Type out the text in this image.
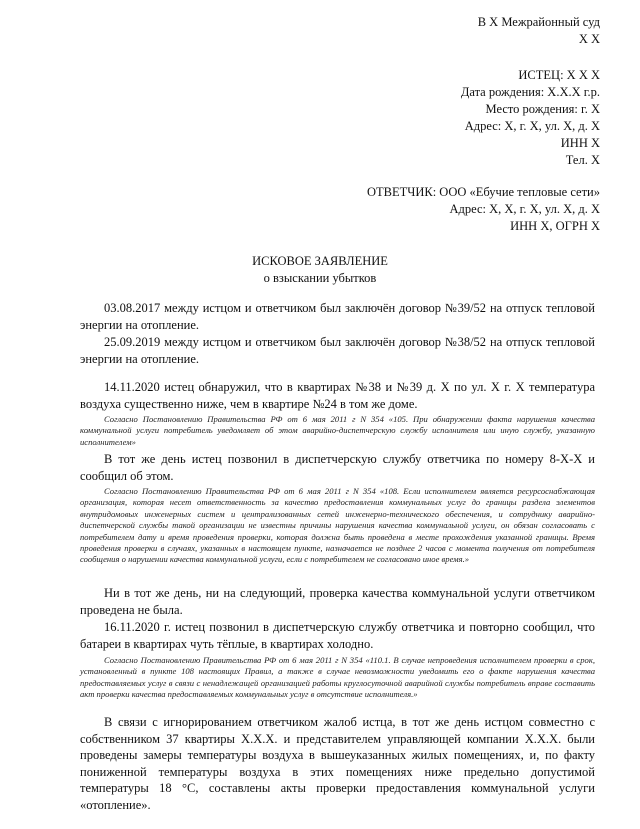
В Х Межрайонный суд
Х Х
ИСТЕЦ: Х Х Х
Дата рождения: Х.Х.Х г.р.
Место рождения: г. Х
Адрес: Х, г. Х, ул. Х, д. Х
ИНН Х
Тел. Х
ОТВЕТЧИК: ООО «Ебучие тепловые сети»
Адрес: Х, Х, г. Х, ул. Х, д. Х
ИНН Х, ОГРН Х
ИСКОВОЕ ЗАЯВЛЕНИЕ
о взыскании убытков
03.08.2017 между истцом и ответчиком был заключён договор №39/52 на отпуск тепловой энергии на отопление.
25.09.2019 между истцом и ответчиком был заключён договор №38/52 на отпуск тепловой энергии на отопление.
14.11.2020 истец обнаружил, что в квартирах №38 и №39 д. Х по ул. Х г. Х температура воздуха существенно ниже, чем в квартире №24 в том же доме.
Согласно Постановлению Правительства РФ от 6 мая 2011 г N 354 «105. При обнаружении факта нарушения качества коммунальной услуги потребитель уведомляет об этом аварийно-диспетчерскую службу исполнителя или иную службу, указанную исполнителем»
В тот же день истец позвонил в диспетчерскую службу ответчика по номеру 8-Х-Х и сообщил об этом.
Согласно Постановлению Правительства РФ от 6 мая 2011 г N 354 «108. Если исполнителем является ресурсоснабжающая организация, которая несет ответственность за качество предоставления коммунальных услуг до границы раздела элементов внутридомовых инженерных систем и централизованных сетей инженерно-технического обеспечения, и сотруднику аварийно-диспетчерской службы такой организации не известны причины нарушения качества коммунальной услуги, он обязан согласовать с потребителем дату и время проведения проверки, которая должна быть проведена в месте прохождения указанной границы. Время проведения проверки в случаях, указанных в настоящем пункте, назначается не позднее 2 часов с момента получения от потребителя сообщения о нарушении качества коммунальной услуги, если с потребителем не согласовано иное время.»
Ни в тот же день, ни на следующий, проверка качества коммунальной услуги ответчиком проведена не была.
16.11.2020 г. истец позвонил в диспетчерскую службу ответчика и повторно сообщил, что батареи в квартирах чуть тёплые, в квартирах холодно.
Согласно Постановлению Правительства РФ от 6 мая 2011 г N 354 «110.1. В случае непроведения исполнителем проверки в срок, установленный в пункте 108 настоящих Правил, а также в случае невозможности уведомить его о факте нарушения качества предоставляемых услуг в связи с ненадлежащей организацией работы круглосуточной аварийной службы потребитель вправе составить акт проверки качества предоставляемых коммунальных услуг в отсутствие исполнителя.»
В связи с игнорированием ответчиком жалоб истца, в тот же день истцом совместно с собственником 37 квартиры Х.Х.Х. и представителем управляющей компании Х.Х.Х. были проведены замеры температуры воздуха в вышеуказанных жилых помещениях, и, по факту пониженной температуры воздуха в этих помещениях ниже предельно допустимой температуры 18 °С, составлены акты проверки предоставления коммунальной услуги «отопление».
